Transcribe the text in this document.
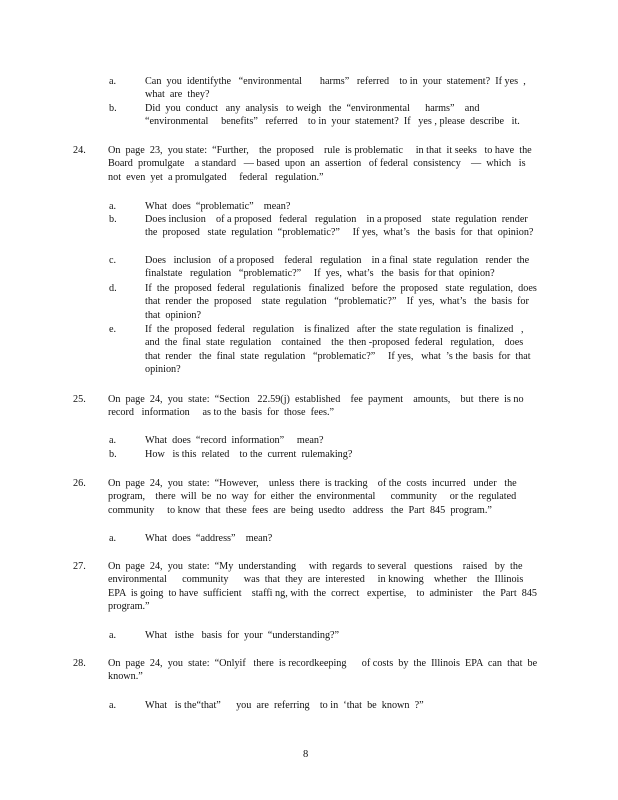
a.	Can  you  identifythe   “environmental       harms”   referred    to in  your  statement?  If yes  ,  what  are  they?
b.	Did  you  conduct   any  analysis   to weigh   the  “environmental      harms”    and  “environmental     benefits”   referred    to in  your  statement?  If   yes , please  describe   it.
24. On  page  23,  you state:  “Further,    the  proposed    rule  is problematic     in that  it seeks   to have  the  Board  promulgate    a standard   — based  upon  an  assertion   of federal  consistency    —  which   is not  even  yet  a promulgated     federal   regulation.”
a.	What  does  “problematic”    mean?
b.	Does inclusion    of a proposed   federal   regulation    in a proposed    state  regulation  render   the  proposed   state  regulation  “problematic?”     If yes,  what’s   the  basis  for  that  opinion?
c.	Does   inclusion   of a proposed    federal   regulation    in a final  state  regulation   render  the  finalstate   regulation   “problematic?”     If  yes,  what’s   the  basis  for that  opinion?
d.	If  the  proposed  federal   regulationis   finalized   before  the  proposed   state  regulation,  does  that  render  the  proposed    state  regulation   “problematic?”    If  yes,  what’s   the  basis  for  that  opinion?
e.	If  the  proposed  federal   regulation    is finalized   after  the  state regulation  is  finalized   ,  and  the  final  state  regulation    contained    the  then -proposed  federal   regulation,    does  that  render   the  final  state  regulation   “problematic?”     If yes,   what  ’s the  basis  for  that  opinion?
25. On  page  24,  you  state:  “Section   22.59(j)  established    fee  payment    amounts,    but  there  is no  record   information     as to the  basis  for  those  fees.”
a.	What  does  “record  information”     mean?
b.	How   is this  related    to the  current  rulemaking?
26. On  page  24,  you  state:  “However,    unless  there  is tracking    of the  costs  incurred   under   the  program,    there  will  be  no  way  for  either  the  environmental      community     or the  regulated  community     to know  that  these  fees  are  being  usedto   address   the  Part  845  program.”
a.	What  does  “address”    mean?
27. On  page  24,  you  state:  “My  understanding     with  regards  to several   questions    raised   by  the  environmental      community      was  that  they  are  interested     in knowing    whether    the  Illinois  EPA  is going  to have  sufficient    staffi ng, with  the  correct   expertise,    to  administer    the  Part  845  program.”
a.	What   isthe   basis  for  your  “understanding?”
28. On  page  24,  you  state:  “Onlyif   there  is recordkeeping      of costs  by  the  Illinois  EPA  can  that  be  known.”
a.	What   is the“that”      you  are  referring    to in  ‘that  be  known  ?”
8
